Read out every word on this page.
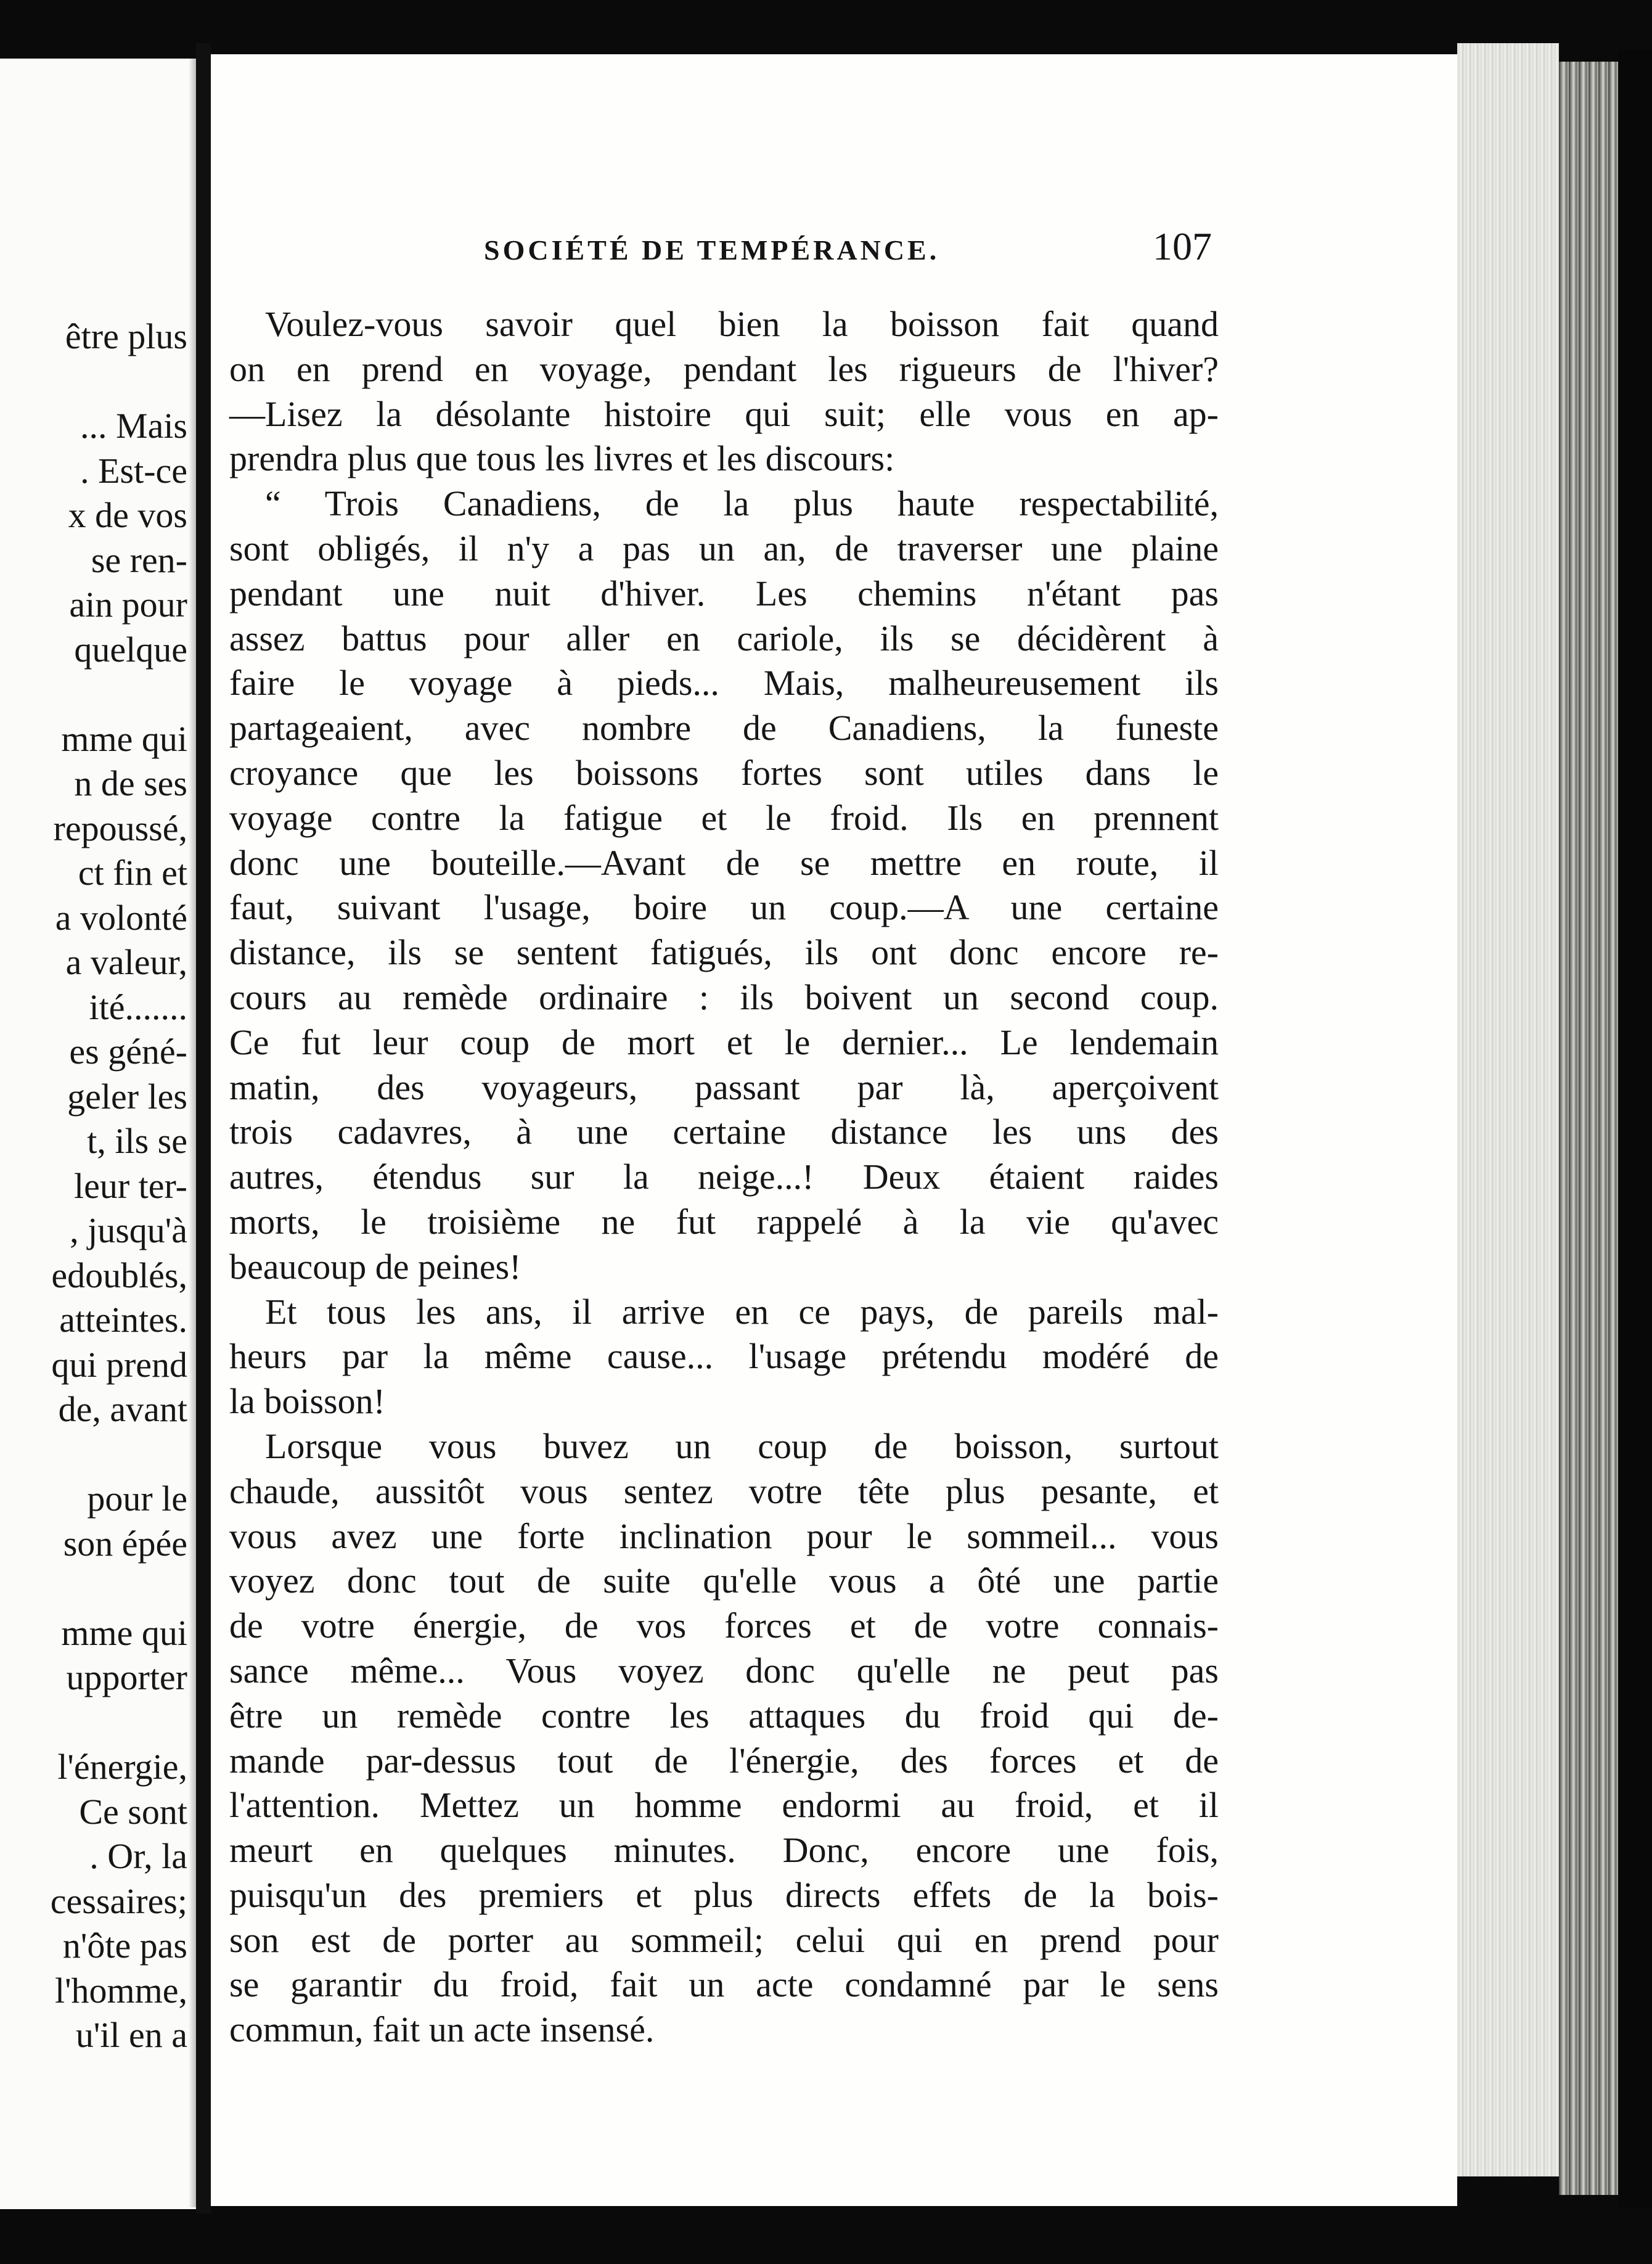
être plus
... Mais
. Est-ce
x de vos
se ren-
ain pour
quelque
mme qui
n de ses
repoussé,
ct fin et
a volonté
a valeur,
ité.......
es géné-
geler les
t, ils se
leur ter-
, jusqu'à
edoublés,
atteintes.
qui prend
de, avant
pour le
son épée
mme qui
upporter
l'énergie,
Ce sont
. Or, la
cessaires;
n'ôte pas
l'homme,
u'il en a
SOCIÉTÉ DE TEMPÉRANCE.	107
Voulez-vous savoir quel bien la boisson fait quand
on en prend en voyage, pendant les rigueurs de l'hiver?
—Lisez la désolante histoire qui suit; elle vous en ap-
prendra plus que tous les livres et les discours:
“ Trois Canadiens, de la plus haute respectabilité,
sont obligés, il n'y a pas un an, de traverser une plaine
pendant une nuit d'hiver. Les chemins n'étant pas
assez battus pour aller en cariole, ils se décidèrent à
faire le voyage à pieds... Mais, malheureusement ils
partageaient, avec nombre de Canadiens, la funeste
croyance que les boissons fortes sont utiles dans le
voyage contre la fatigue et le froid. Ils en prennent
donc une bouteille.—Avant de se mettre en route, il
faut, suivant l'usage, boire un coup.—A une certaine
distance, ils se sentent fatigués, ils ont donc encore re-
cours au remède ordinaire : ils boivent un second coup.
Ce fut leur coup de mort et le dernier... Le lendemain
matin, des voyageurs, passant par là, aperçoivent
trois cadavres, à une certaine distance les uns des
autres, étendus sur la neige...! Deux étaient raides
morts, le troisième ne fut rappelé à la vie qu'avec
beaucoup de peines!
Et tous les ans, il arrive en ce pays, de pareils mal-
heurs par la même cause... l'usage prétendu modéré de
la boisson!
Lorsque vous buvez un coup de boisson, surtout
chaude, aussitôt vous sentez votre tête plus pesante, et
vous avez une forte inclination pour le sommeil... vous
voyez donc tout de suite qu'elle vous a ôté une partie
de votre énergie, de vos forces et de votre connais-
sance même... Vous voyez donc qu'elle ne peut pas
être un remède contre les attaques du froid qui de-
mande par-dessus tout de l'énergie, des forces et de
l'attention. Mettez un homme endormi au froid, et il
meurt en quelques minutes. Donc, encore une fois,
puisqu'un des premiers et plus directs effets de la bois-
son est de porter au sommeil; celui qui en prend pour
se garantir du froid, fait un acte condamné par le sens
commun, fait un acte insensé.
